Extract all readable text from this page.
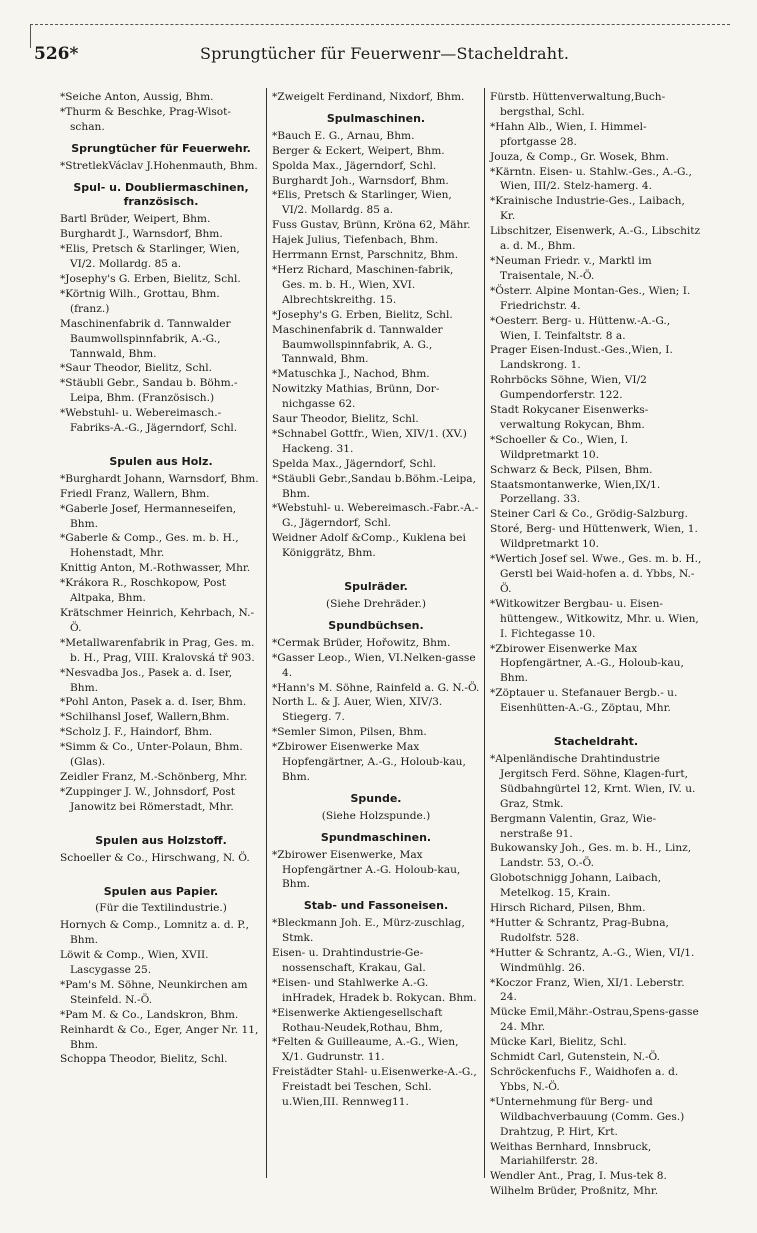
526*	Sprungtücher für Feuerwenr—Stacheldraht.
*Seiche Anton, Aussig, Bhm.
*Thurm & Beschke, Prag-Wisot-schan.
Sprungtücher für Feuerwehr.
*StretlekVáclav J.Hohenmauth, Bhm.
Spul- u. Doubliermaschinen, französisch.
Bartl Brüder, Weipert, Bhm.
Burghardt J., Warnsdorf, Bhm.
*Elis, Pretsch & Starlinger, Wien, VI/2. Mollardg. 85 a.
*Josephy's G. Erben, Bielitz, Schl.
*Körtnig Wilh., Grottau, Bhm. (franz.)
Maschinenfabrik d. Tannwalder Baumwollspinnfabrik, A.-G., Tannwald, Bhm.
*Saur Theodor, Bielitz, Schl.
*Stäubli Gebr., Sandau b. Böhm.-Leipa, Bhm. (Französisch.)
*Webstuhl- u. Webereimasch.-Fabriks-A.-G., Jägerndorf, Schl.
Spulen aus Holz.
*Burghardt Johann, Warnsdorf, Bhm.
Friedl Franz, Wallern, Bhm.
*Gaberle Josef, Hermanneseifen, Bhm.
*Gaberle & Comp., Ges. m. b. H., Hohenstadt, Mhr.
Knittig Anton, M.-Rothwasser, Mhr.
*Krákora R., Roschkopow, Post Altpaka, Bhm.
Krätschmer Heinrich, Kehrbach, N.-Ö.
*Metallwarenfabrik in Prag, Ges. m. b. H., Prag, VIII. Kralovská tř 903.
*Nesvadba Jos., Pasek a. d. Iser, Bhm.
*Pohl Anton, Pasek a. d. Iser, Bhm.
*Schilhansl Josef, Wallern,Bhm.
*Scholz J. F., Haindorf, Bhm.
*Simm & Co., Unter-Polaun, Bhm. (Glas).
Zeidler Franz, M.-Schönberg, Mhr.
*Zuppinger J. W., Johnsdorf, Post Janowitz bei Römerstadt, Mhr.
Spulen aus Holzstoff.
Schoeller & Co., Hirschwang, N. Ö.
Spulen aus Papier.
(Für die Textilindustrie.)
Hornych & Comp., Lomnitz a. d. P., Bhm.
Löwit & Comp., Wien, XVII. Lascygasse 25.
*Pam's M. Söhne, Neunkirchen am Steinfeld. N.-Ö.
*Pam M. & Co., Landskron, Bhm.
Reinhardt & Co., Eger, Anger Nr. 11, Bhm.
Schoppa Theodor, Bielitz, Schl.
*Zweigelt Ferdinand, Nixdorf, Bhm.
Spulmaschinen.
*Bauch E. G., Arnau, Bhm.
Berger & Eckert, Weipert, Bhm.
Spolda Max., Jägerndorf, Schl.
Burghardt Joh., Warnsdorf, Bhm.
*Elis, Pretsch & Starlinger, Wien, VI/2. Mollardg. 85 a.
Fuss Gustav, Brünn, Kröna 62, Mähr.
Hajek Julius, Tiefenbach, Bhm.
Herrmann Ernst, Parschnitz, Bhm.
*Herz Richard, Maschinen-fabrik, Ges. m. b. H., Wien, XVI. Albrechtskreithg. 15.
*Josephy's G. Erben, Bielitz, Schl.
Maschinenfabrik d. Tannwalder Baumwollspinnfabrik, A. G., Tannwald, Bhm.
*Matuschka J., Nachod, Bhm.
Nowitzky Mathias, Brünn, Dor-nichgasse 62.
Saur Theodor, Bielitz, Schl.
*Schnabel Gottfr., Wien, XIV/1. (XV.) Hackeng. 31.
Spelda Max., Jägerndorf, Schl.
*Stäubli Gebr.,Sandau b.Böhm.-Leipa, Bhm.
*Webstuhl- u. Webereimasch.-Fabr.-A.-G., Jägerndorf, Schl.
Weidner Adolf &Comp., Kuklena bei Königgrätz, Bhm.
Spulräder.
(Siehe Drehräder.)
Spundbüchsen.
*Cermak Brüder, Hořowitz, Bhm.
*Gasser Leop., Wien, VI.Nelken-gasse 4.
*Hann's M. Söhne, Rainfeld a. G. N.-Ö.
North L. & J. Auer, Wien, XIV/3. Stiegerg. 7.
*Semler Simon, Pilsen, Bhm.
*Zbirower Eisenwerke Max Hopfengärtner, A.-G., Holoub-kau, Bhm.
Spunde.
(Siehe Holzspunde.)
Spundmaschinen.
*Zbirower Eisenwerke, Max Hopfengärtner A.-G. Holoub-kau, Bhm.
Stab- und Fassoneisen.
*Bleckmann Joh. E., Mürz-zuschlag, Stmk.
Eisen- u. Drahtindustrie-Ge-nossenschaft, Krakau, Gal.
*Eisen- und Stahlwerke A.-G. inHradek, Hradek b. Rokycan. Bhm.
*Eisenwerke Aktiengesellschaft Rothau-Neudek,Rothau, Bhm,
*Felten & Guilleaume, A.-G., Wien, X/1. Gudrunstr. 11.
Freistädter Stahl- u.Eisenwerke-A.-G., Freistadt bei Teschen, Schl. u.Wien,III. Rennweg11.
Fürstb. Hüttenverwaltung,Buch-bergsthal, Schl.
*Hahn Alb., Wien, I. Himmel-pfortgasse 28.
Jouza, & Comp., Gr. Wosek, Bhm.
*Kärntn. Eisen- u. Stahlw.-Ges., A.-G., Wien, III/2. Stelz-hamerg. 4.
*Krainische Industrie-Ges., Laibach, Kr.
Libschitzer, Eisenwerk, A.-G., Libschitz a. d. M., Bhm.
*Neuman Friedr. v., Marktl im Traisentale, N.-Ö.
*Österr. Alpine Montan-Ges., Wien; I. Friedrichstr. 4.
*Oesterr. Berg- u. Hüttenw.-A.-G., Wien, I. Teinfaltstr. 8 a.
Prager Eisen-Indust.-Ges.,Wien, I. Landskrong. 1.
Rohrböcks Söhne, Wien, VI/2 Gumpendorferstr. 122.
Stadt Rokycaner Eisenwerks-verwaltung Rokycan, Bhm.
*Schoeller & Co., Wien, I. Wildpretmarkt 10.
Schwarz & Beck, Pilsen, Bhm.
Staatsmontanwerke, Wien,IX/1. Porzellang. 33.
Steiner Carl & Co., Grödig-Salzburg.
Storé, Berg- und Hüttenwerk, Wien, 1. Wildpretmarkt 10.
*Wertich Josef sel. Wwe., Ges. m. b. H., Gerstl bei Waid-hofen a. d. Ybbs, N.-Ö.
*Witkowitzer Bergbau- u. Eisen-hüttengew., Witkowitz, Mhr. u. Wien, I. Fichtegasse 10.
*Zbirower Eisenwerke Max Hopfengärtner, A.-G., Holoub-kau, Bhm.
*Zöptauer u. Stefanauer Bergb.- u. Eisenhütten-A.-G., Zöptau, Mhr.
Stacheldraht.
*Alpenländische Drahtindustrie Jergitsch Ferd. Söhne, Klagen-furt, Südbahngürtel 12, Krnt. Wien, IV. u. Graz, Stmk.
Bergmann Valentin, Graz, Wie-nerstraße 91.
Bukowansky Joh., Ges. m. b. H., Linz, Landstr. 53, O.-Ö.
Globotschnigg Johann, Laibach, Metelkog. 15, Krain.
Hirsch Richard, Pilsen, Bhm.
*Hutter & Schrantz, Prag-Bubna, Rudolfstr. 528.
*Hutter & Schrantz, A.-G., Wien, VI/1. Windmühlg. 26.
*Koczor Franz, Wien, XI/1. Leberstr. 24.
Mücke Emil,Mähr.-Ostrau,Spens-gasse 24. Mhr.
Mücke Karl, Bielitz, Schl.
Schmidt Carl, Gutenstein, N.-Ö.
Schröckenfuchs F., Waidhofen a. d. Ybbs, N.-Ö.
*Unternehmung für Berg- und Wildbachverbauung (Comm. Ges.) Drahtzug, P. Hirt, Krt.
Weithas Bernhard, Innsbruck, Mariahilferstr. 28.
Wendler Ant., Prag, I. Mus-tek 8.
Wilhelm Brüder, Proßnitz, Mhr.
